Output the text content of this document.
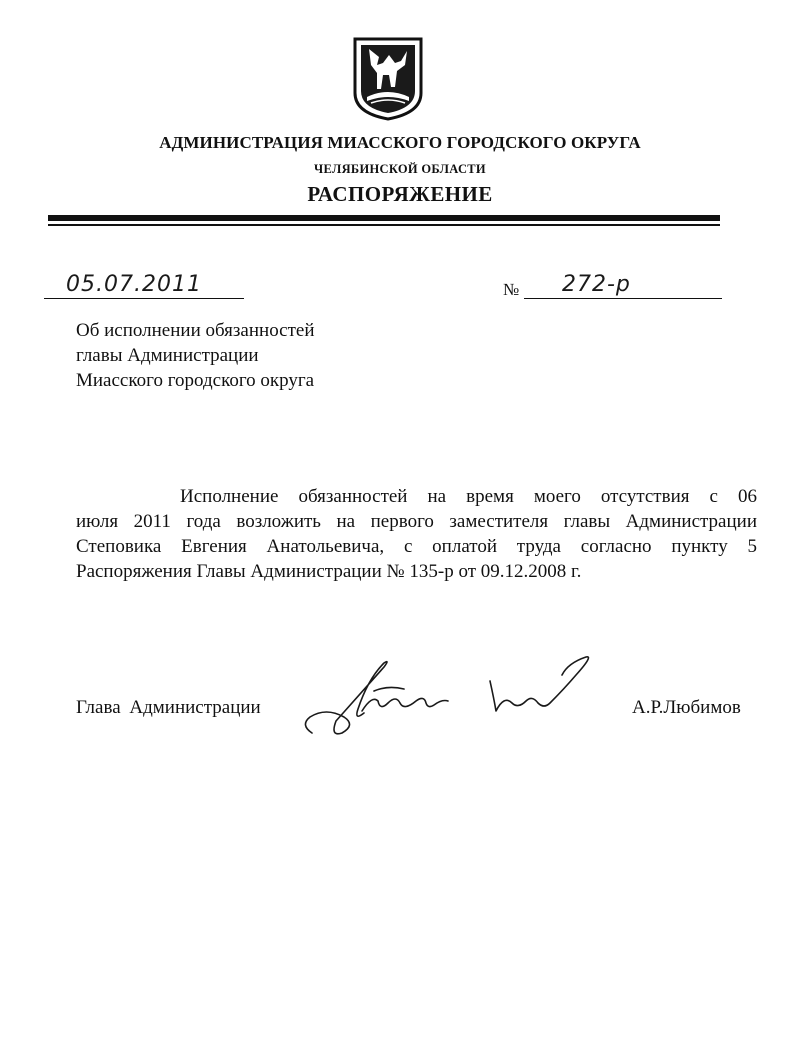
АДМИНИСТРАЦИЯ МИАССКОГО ГОРОДСКОГО ОКРУГА
ЧЕЛЯБИНСКОЙ ОБЛАСТИ
РАСПОРЯЖЕНИЕ
05.07.2011	№ 272-р
Об исполнении обязанностей
главы Администрации
Миасского городского округа
Исполнение обязанностей на время моего отсутствия с 06
июля 2011 года возложить на первого заместителя главы Администрации
Степовика Евгения Анатольевича, с оплатой труда согласно пункту 5
Распоряжения Главы Администрации № 135-р от 09.12.2008 г.
Глава Администрации	А.Р.Любимов
